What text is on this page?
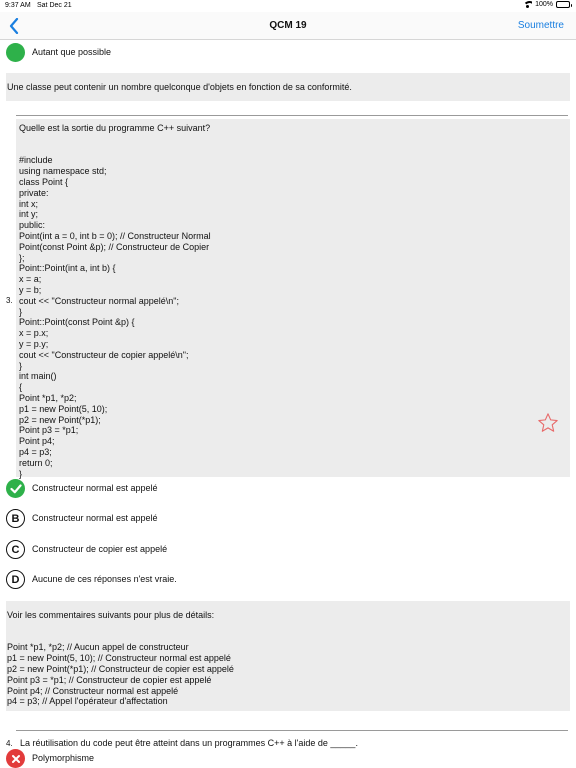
9:37 AM Sat Dec 21	100%
QCM 19	Soumettre
Autant que possible
Une classe peut contenir un nombre quelconque d'objets en fonction de sa conformité.
3.
Quelle est la sortie du programme C++ suivant?

#include
using namespace std;
class Point {
private:
int x;
int y;
public:
Point(int a = 0, int b = 0); // Constructeur Normal
Point(const Point &p); // Constructeur de Copier
};
Point::Point(int a, int b) {
x = a;
y = b;
cout << "Constructeur normal appelé\n";
}
Point::Point(const Point &p) {
x = p.x;
y = p.y;
cout << "Constructeur de copier appelé\n";
}
int main()
{
Point *p1, *p2;
p1 = new Point(5, 10);
p2 = new Point(*p1);
Point p3 = *p1;
Point p4;
p4 = p3;
return 0;
}
Constructeur normal est appelé
B	Constructeur normal est appelé
C	Constructeur de copier est appelé
D	Aucune de ces réponses n'est vraie.
Voir les commentaires suivants pour plus de détails:

Point *p1, *p2; // Aucun appel de constructeur
p1 = new Point(5, 10); // Constructeur normal est appelé
p2 = new Point(*p1); // Constructeur de copier est appelé
Point p3 = *p1; // Constructeur de copier est appelé
Point p4; // Constructeur normal est appelé
p4 = p3; // Appel l'opérateur d'affectation
4. La réutilisation du code peut être atteint dans un programmes C++ à l'aide de _____.
Polymorphisme
